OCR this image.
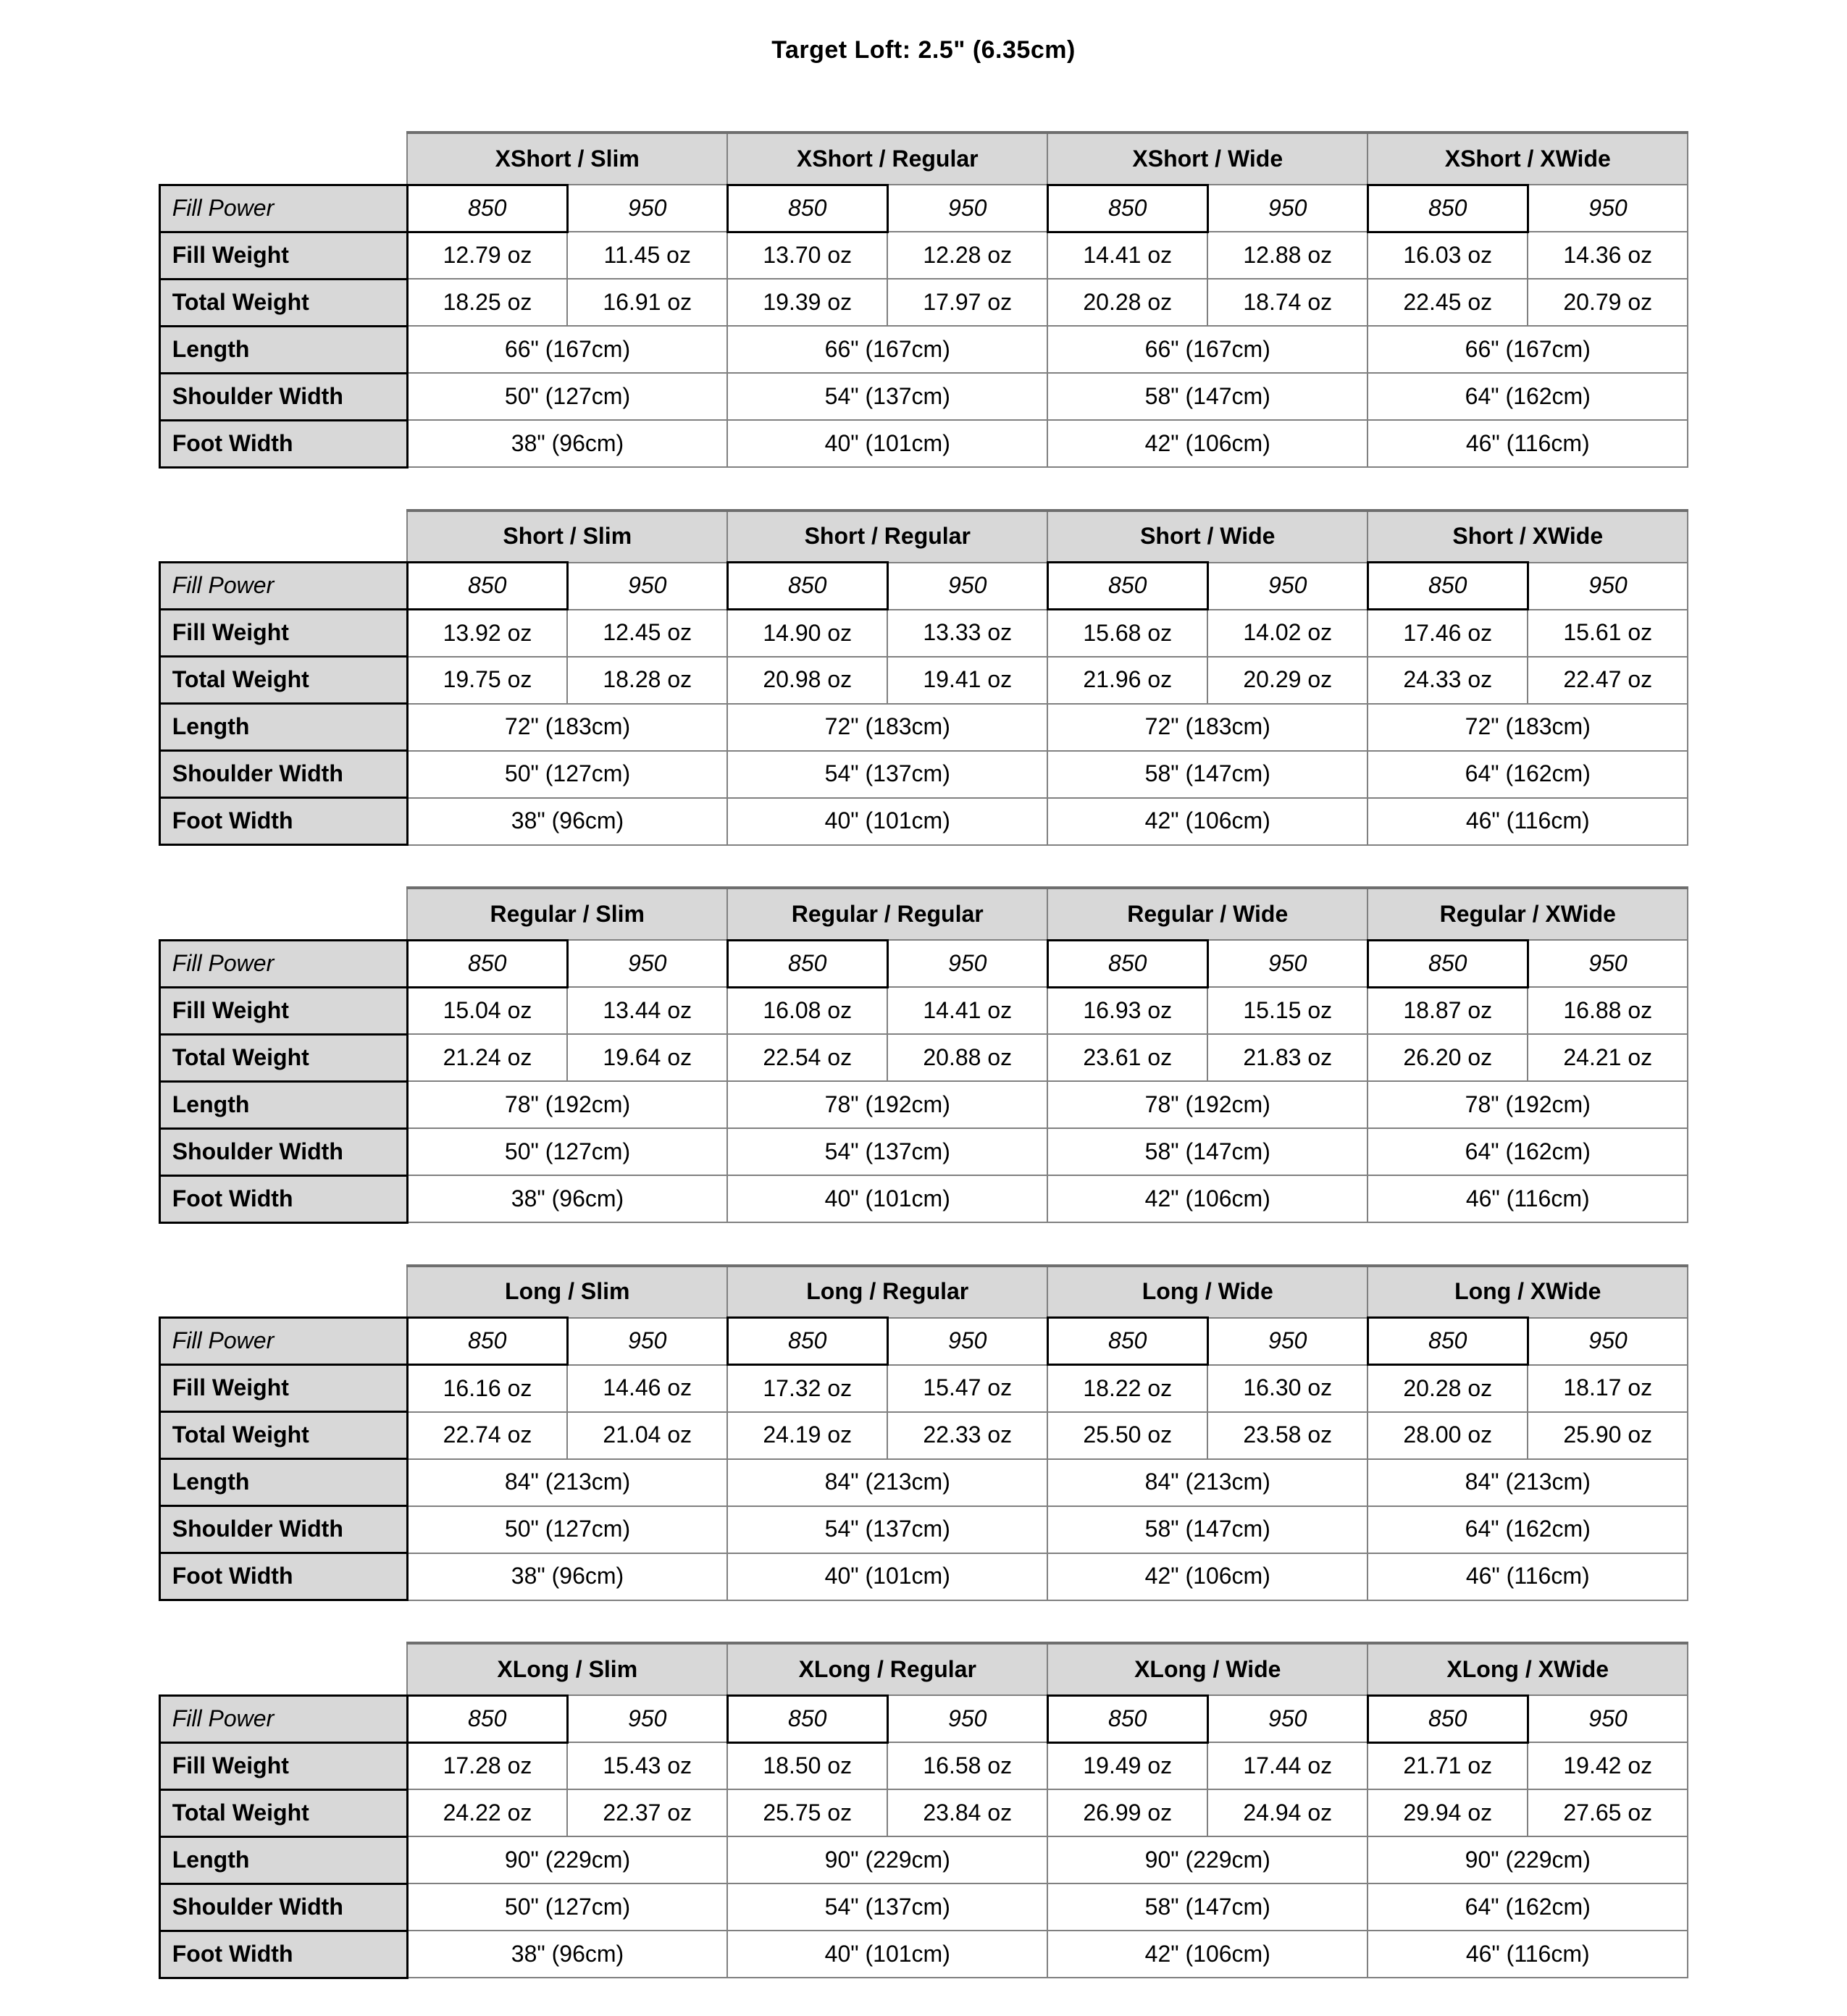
Target Loft: 2.5" (6.35cm)
	XShort / Slim		XShort / Regular		XShort / Wide		XShort / XWide	
Fill Power	850	950	850	950	850	950	850	950
Fill Weight	12.79 oz	11.45 oz	13.70 oz	12.28 oz	14.41 oz	12.88 oz	16.03 oz	14.36 oz
Total Weight	18.25 oz	16.91 oz	19.39 oz	17.97 oz	20.28 oz	18.74 oz	22.45 oz	20.79 oz
Length	66" (167cm)		66" (167cm)		66" (167cm)		66" (167cm)	
Shoulder Width	50" (127cm)		54" (137cm)		58" (147cm)		64" (162cm)	
Foot Width	38" (96cm)		40" (101cm)		42" (106cm)		46" (116cm)	
	Short / Slim		Short / Regular		Short / Wide		Short / XWide	
Fill Power	850	950	850	950	850	950	850	950
Fill Weight	13.92 oz	12.45 oz	14.90 oz	13.33 oz	15.68 oz	14.02 oz	17.46 oz	15.61 oz
Total Weight	19.75 oz	18.28 oz	20.98 oz	19.41 oz	21.96 oz	20.29 oz	24.33 oz	22.47 oz
Length	72" (183cm)		72" (183cm)		72" (183cm)		72" (183cm)	
Shoulder Width	50" (127cm)		54" (137cm)		58" (147cm)		64" (162cm)	
Foot Width	38" (96cm)		40" (101cm)		42" (106cm)		46" (116cm)	
	Regular / Slim		Regular / Regular		Regular / Wide		Regular / XWide	
Fill Power	850	950	850	950	850	950	850	950
Fill Weight	15.04 oz	13.44 oz	16.08 oz	14.41 oz	16.93 oz	15.15 oz	18.87 oz	16.88 oz
Total Weight	21.24 oz	19.64 oz	22.54 oz	20.88 oz	23.61 oz	21.83 oz	26.20 oz	24.21 oz
Length	78" (192cm)		78" (192cm)		78" (192cm)		78" (192cm)	
Shoulder Width	50" (127cm)		54" (137cm)		58" (147cm)		64" (162cm)	
Foot Width	38" (96cm)		40" (101cm)		42" (106cm)		46" (116cm)	
	Long / Slim		Long / Regular		Long / Wide		Long / XWide	
Fill Power	850	950	850	950	850	950	850	950
Fill Weight	16.16 oz	14.46 oz	17.32 oz	15.47 oz	18.22 oz	16.30 oz	20.28 oz	18.17 oz
Total Weight	22.74 oz	21.04 oz	24.19 oz	22.33 oz	25.50 oz	23.58 oz	28.00 oz	25.90 oz
Length	84" (213cm)		84" (213cm)		84" (213cm)		84" (213cm)	
Shoulder Width	50" (127cm)		54" (137cm)		58" (147cm)		64" (162cm)	
Foot Width	38" (96cm)		40" (101cm)		42" (106cm)		46" (116cm)	
	XLong / Slim		XLong / Regular		XLong / Wide		XLong / XWide	
Fill Power	850	950	850	950	850	950	850	950
Fill Weight	17.28 oz	15.43 oz	18.50 oz	16.58 oz	19.49 oz	17.44 oz	21.71 oz	19.42 oz
Total Weight	24.22 oz	22.37 oz	25.75 oz	23.84 oz	26.99 oz	24.94 oz	29.94 oz	27.65 oz
Length	90" (229cm)		90" (229cm)		90" (229cm)		90" (229cm)	
Shoulder Width	50" (127cm)		54" (137cm)		58" (147cm)		64" (162cm)	
Foot Width	38" (96cm)		40" (101cm)		42" (106cm)		46" (116cm)	
